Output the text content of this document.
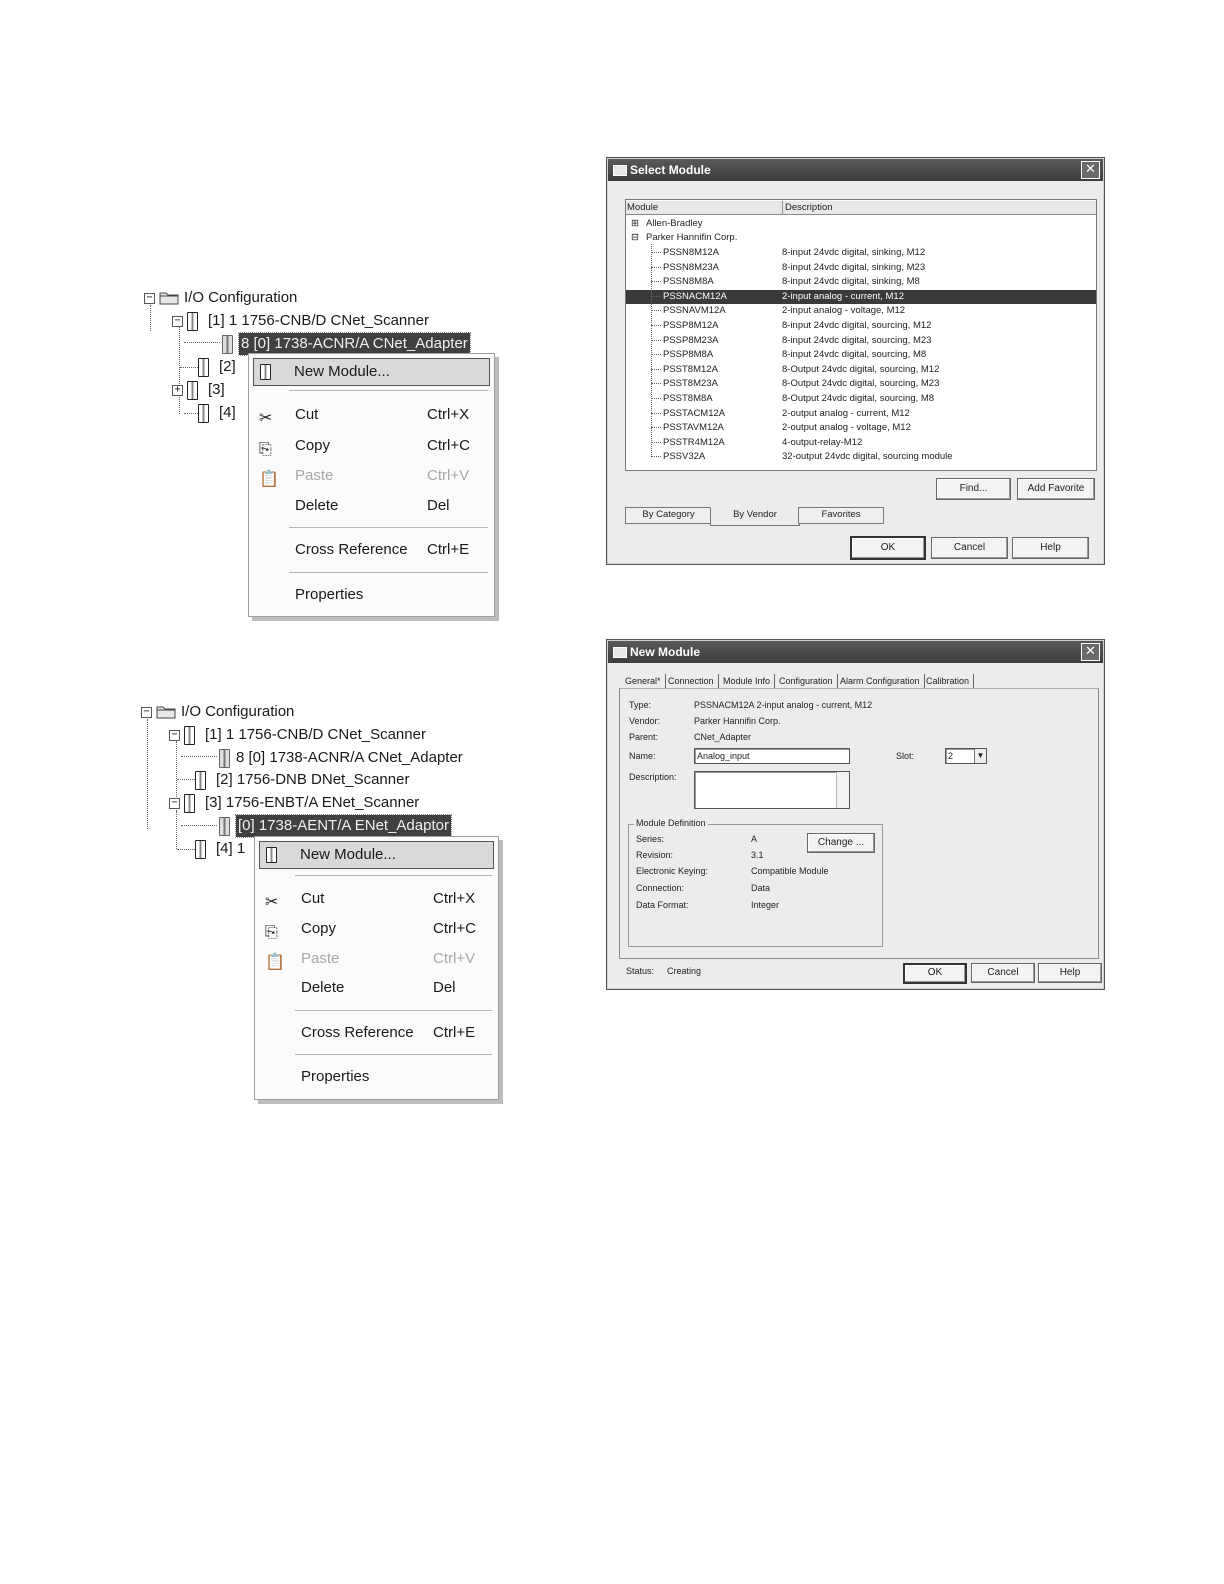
− I/O Configuration
− [1] 1 1756-CNB/D CNet_Scanner
8 [0] 1738-ACNR/A CNet_Adapter
[2]
+ [3]
[4]
New Module...
✂ Cut	Ctrl+X
⎘ Copy	Ctrl+C
📋 Paste	Ctrl+V
Delete	Del
Cross Reference Ctrl+E
Properties
− I/O Configuration
− [1] 1 1756-CNB/D CNet_Scanner
8 [0] 1738-ACNR/A CNet_Adapter
[2] 1756-DNB DNet_Scanner
− [3] 1756-ENBT/A ENet_Scanner
[0] 1738-AENT/A ENet_Adaptor
[4] 1	New Module...
✂ Cut	Ctrl+X
⎘ Copy	Ctrl+C
📋 Paste	Ctrl+V
Delete	Del
Cross Reference Ctrl+E
Properties
Select Module	✕
Module	Description
⊞ Allen-Bradley
⊟ Parker Hannifin Corp.
PSSN8M12A	8-input 24vdc digital, sinking, M12
PSSN8M23A	8-input 24vdc digital, sinking, M23
PSSN8M8A	8-input 24vdc digital, sinking, M8
PSSNACM12A	2-input analog - current, M12
PSSNAVM12A	2-input analog - voltage, M12
PSSP8M12A	8-input 24vdc digital, sourcing, M12
PSSP8M23A	8-input 24vdc digital, sourcing, M23
PSSP8M8A	8-input 24vdc digital, sourcing, M8
PSST8M12A	8-Output 24vdc digital, sourcing, M12
PSST8M23A	8-Output 24vdc digital, sourcing, M23
PSST8M8A	8-Output 24vdc digital, sourcing, M8
PSSTACM12A	2-output analog - current, M12
PSSTAVM12A	2-output analog - voltage, M12
PSSTR4M12A	4-output-relay-M12
PSSV32A	32-output 24vdc digital, sourcing module
Find...	Add Favorite
By Category	By Vendor	Favorites
OK	Cancel	Help
New Module	✕
General* Connection	Module Info Configuration Alarm Configuration Calibration
Type:	PSSNACM12A 2-input analog - current, M12
Vendor:	Parker Hannifin Corp.
Parent:	CNet_Adapter
Name:	Analog_input	Slot:	2	▼
Description:
Module Definition
Series:	A
Revision:	3.1
Electronic Keying:	Compatible Module
Connection:	Data
Data Format:	Integer
Change ...
Status: Creating	OK	Cancel	Help
